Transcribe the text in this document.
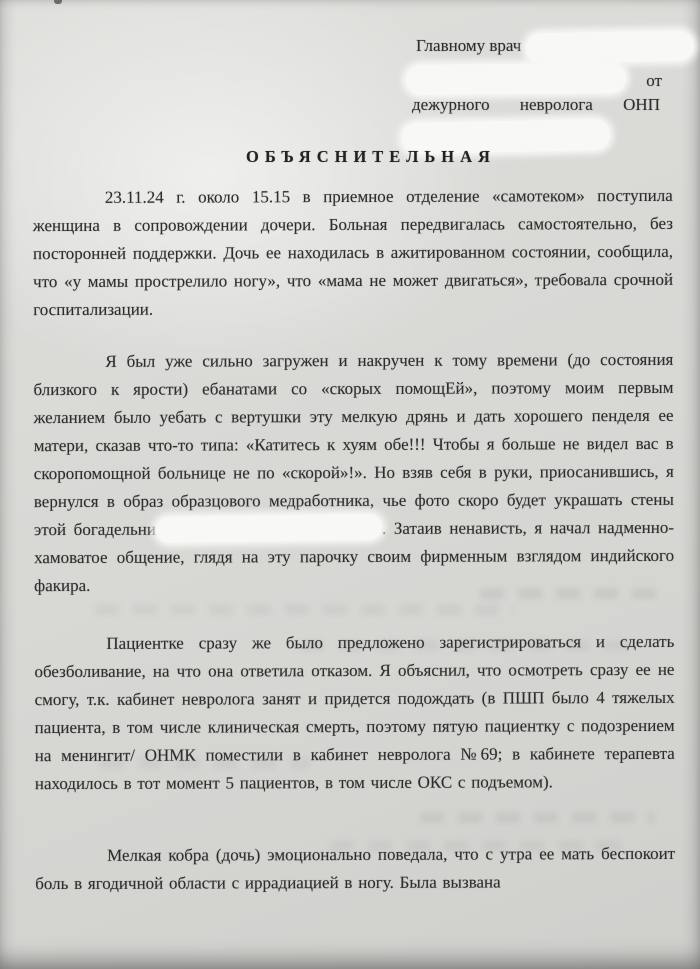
Главному врач
от
дежурного невролога ОНП
ОБЪЯСНИТЕЛЬНАЯ

23.11.24 г. около 15.15 в приемное отделение «самотеком» поступила женщина в сопровождении дочери. Больная передвигалась самостоятельно, без посторонней поддержки. Дочь ее находилась в ажитированном состоянии, сообщила, что «у мамы прострелило ногу», что «мама не может двигаться», требовала срочной госпитализации.

Я был уже сильно загружен и накручен к тому времени (до состояния близкого к ярости) ебанатами со «скорых помощЕй», поэтому моим первым желанием было уебать с вертушки эту мелкую дрянь и дать хорошего пенделя ее матери, сказав что-то типа: «Катитесь к хуям обе!!! Чтобы я больше не видел вас в скоропомощной больнице не по «скорой»!». Но взяв себя в руки, приосанившись, я вернулся в образ образцового медработника, чье фото скоро будет украшать стены этой богадельни	. Затаив ненависть, я начал надменно-хамоватое общение, глядя на эту парочку своим фирменным взглядом индийского факира.

Пациентке сразу же было предложено зарегистрироваться и сделать обезболивание, на что она ответила отказом. Я объяснил, что осмотреть сразу ее не смогу, т.к. кабинет невролога занят и придется подождать (в ПШП было 4 тяжелых пациента, в том числе клиническая смерть, поэтому пятую пациентку с подозрением на менингит/ ОНМК поместили в кабинет невролога №69; в кабинете терапевта находилось в тот момент 5 пациентов, в том числе ОКС с подъемом).

Мелкая кобра (дочь) эмоционально поведала, что с утра ее мать беспокоит боль в ягодичной области с иррадиацией в ногу. Была вызвана
